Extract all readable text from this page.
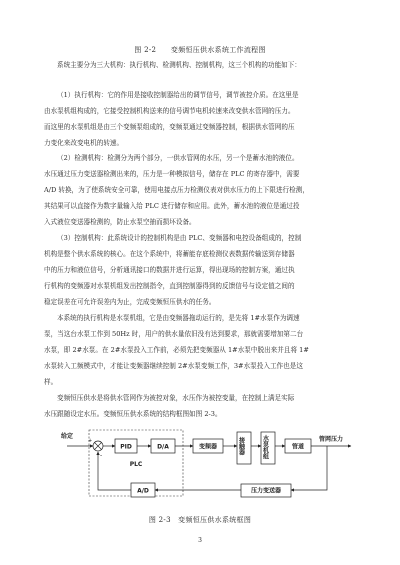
图 2-2　　变频恒压供水系统工作流程图
系统主要分为三大机构：执行机构、检测机构、控制机构，这三个机构的功能如下：
（1）执行机构：它的作用是接收控制器给出的调节信号，调节被控介质。在这里是
由水泵机组构成的，它接受控制机构送来的信号调节电机转速来改变供水管网的压力。
而这里的水泵机组是由三个变频泵组成的，变频泵通过变频器控制，根据供水管网的压
力变化来改变电机的转速。
（2）检测机构：检测分为两个部分，一供水管网的水压，另一个是蓄水池的液位。
水压通过压力变送器检测出来的，压力是一种模拟信号，储存在 PLC 的寄存器中，需要
A/D 转换，为了使系统安全可靠，使用电接点压力检测仪表对供水压力的上下限进行检测，
其结果可以直接作为数字量输入给 PLC 进行储存和应用。此外，蓄水池的液位是通过投
入式液位变送器检测的，防止水泵空抽而损坏设备。
（3）控制机构：此系统设计的控制机构是由 PLC、变频器和电控设备组成的，控制
机构是整个供水系统的核心。在这个系统中，将蓄能存底检测仪表数据传输送到存储器
中的压力和液位信号，分析通讯接口的数据并进行运算，得出现场的控制方案，通过执
行机构的变频器对水泵机组发出控制指令，直到控制器得到的反馈信号与设定值之间的
稳定误差在可允许误差内为止，完成变频恒压供水的任务。
本系统的执行机构是水泵机组，它是由变频器拖动运行的，是先将 1#水泵作为调速
泵，当这台水泵工作到 50Hz 时，用户的供水量依旧没有达到要求，那就需要增加第二台
水泵，即 2#水泵。在 2#水泵投入工作前，必须先把变频器从 1#水泵中脱出来并且将 1#
水泵转入工频模式中，才能让变频器继续控制 2#水泵变频工作，3#水泵投入工作也是这
样。
变频恒压供水是将供水管网作为被控对象，水压作为被控变量，在控制上满足实际
水压跟随设定水压。变频恒压供水系统的结构框图如图 2-3。
给定
+
-
PID	D/A
PLC
变频器	接触器	水泵机组	管道
管网压力
压力变送器
A/D
图 2-3　变频恒压供水系统框图
3
